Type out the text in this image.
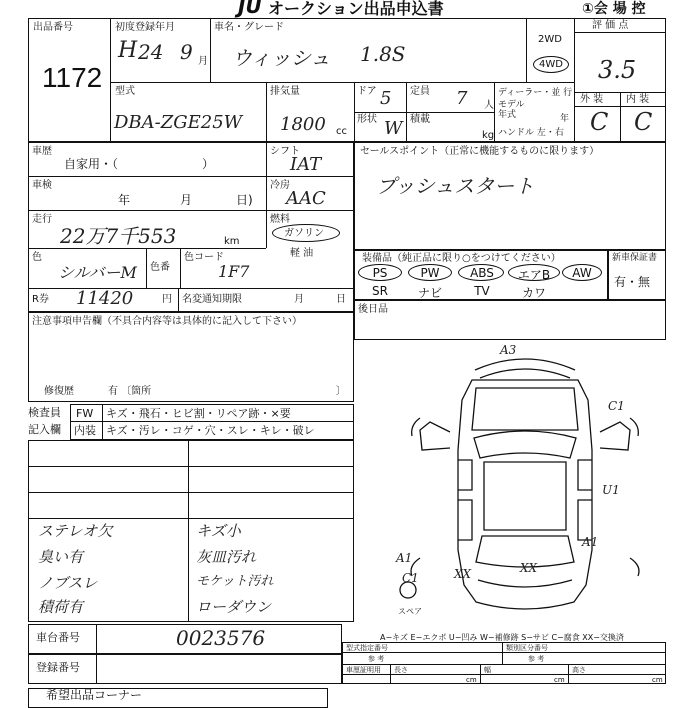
JU オークション出品申込書	①会 場 控
出品番号
1172
初度登録年月
H 24 9 月
車名・グレード
ウィッシュ 1.8S
2WD
4WD
評 価 点
3.5
外 装 内 装
C C
型式
DBA-ZGE25W
排気量
1800 cc
ドア 5 定員 7 人
形状 W 積載
kg
ディーラー・並 行
モデル
年式	年
ハンドル 左・右
車歴
自家用・（　　　　　　　）
シフト
IAT
車検
年	月	日)
冷房
AAC
走行
22万7千553	km
燃料
ガソリン
軽 油
色
シルバーM 色番
色コード
1F7
R券 11420	円 名変通知期限	月	日
セールスポイント（正常に機能するものに限ります）
プッシュスタート
装備品（純正品に限り○をつけてください）
PS	PW	ABS	エアB	AW
SR	ナビ	TV	カワ
新車保証書
有・無
後日品
注意事項申告欄（不具合内容等は具体的に記入して下さい）
修復歴	有 〔箇所	〕
検査員
記入欄
FW キズ・飛石・ヒビ割・リペア跡・×要
内装 キズ・汚レ・コゲ・穴・スレ・キレ・破レ
ステレオ欠	キズ小
臭い有	灰皿汚れ
ノブスレ	モケット汚れ
積荷有	ローダウン
A3
C1
U1
A1
C1
XX
XX
A1
スペア
A−キズ E−エクボ U−凹み W−補修跡 S−サビ C−腐食 XX−交換済
車台番号	0023576
登録番号
型式指定番号
参 考
類別区分番号
参 考
車厘証明用 長さ	幅	高さ
cm	cm	cm
希望出品コーナー
